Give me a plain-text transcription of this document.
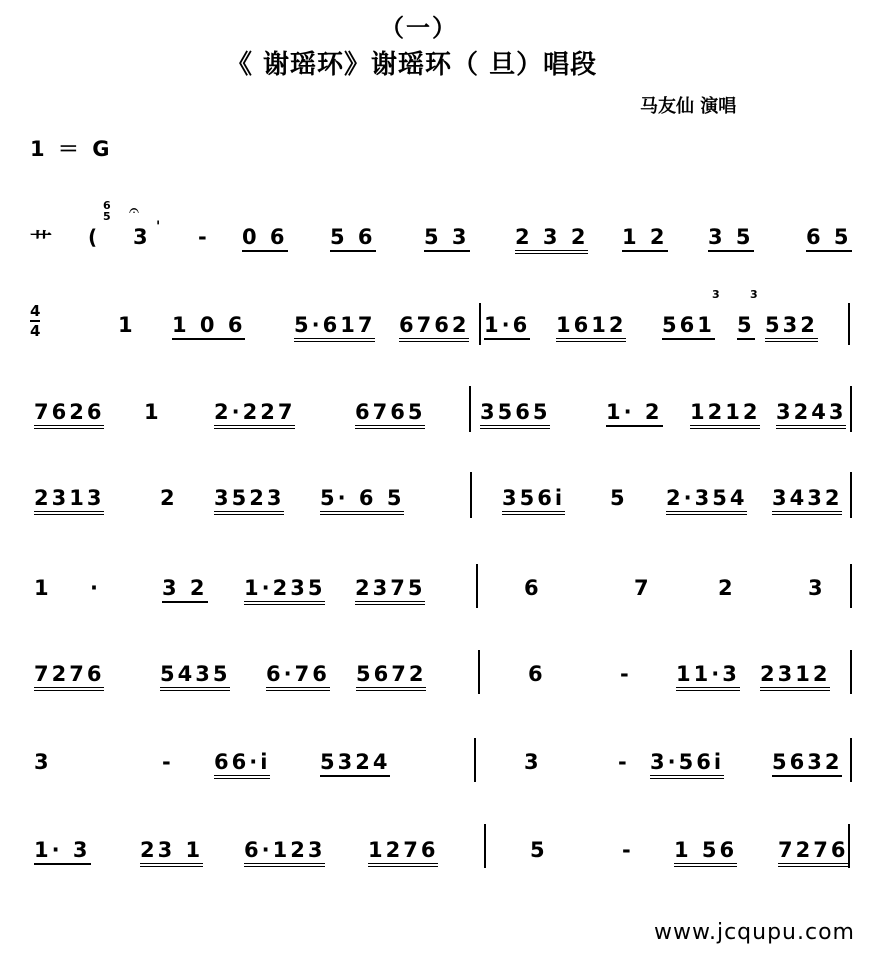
（一）
《 谢瑶环》谢瑶环（ 旦）唱段
马友仙 演唱
1 ＝ G
艹 (
6
5 𝄐
3 ' - 0 6 5 6 5 3 2 3 2 1 2 3 5 6 5
4
4	1 1 0 6 5·617 6762 1·6 1612 561
3
5
3
532
7626 1 2·227	6765	3565	1· 2 1212 3243
2313	2 3523 5· 6 5	356i 5 2·354 3432
1 ·	3 2 1·235 2375	6	7	2	3
7276	5435 6·76 5672	6	- 11·3 2312
3	- 66·i 5324	3	- 3·56i 5632
1· 3 23 1 6·123 1276	5	- 1 56 7276
www.jcqupu.com
